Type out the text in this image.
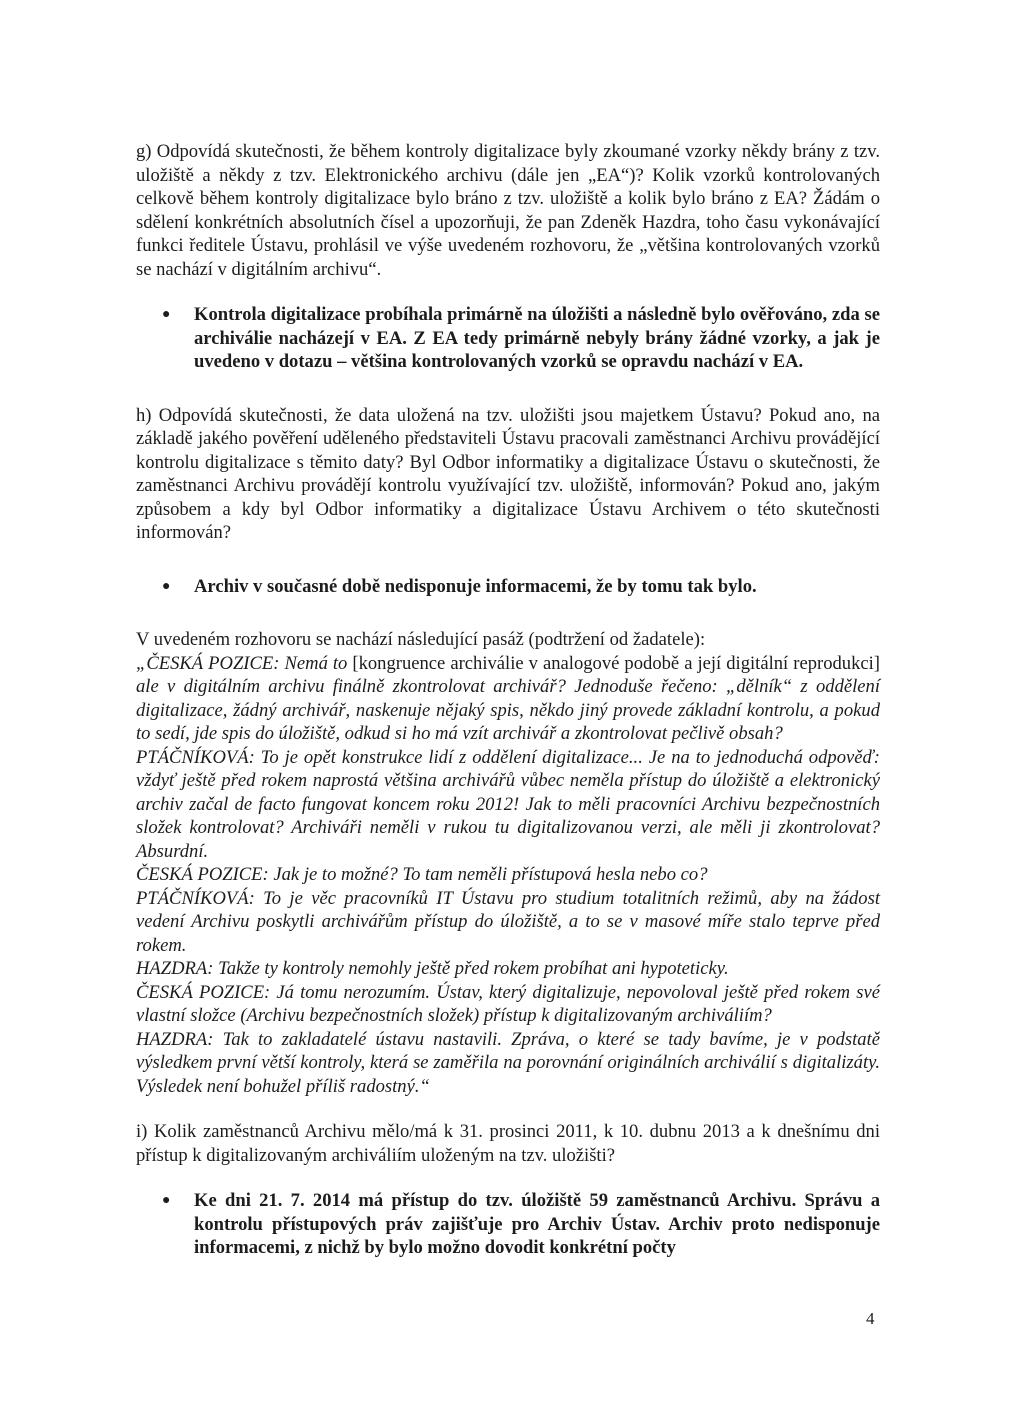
g) Odpovídá skutečnosti, že během kontroly digitalizace byly zkoumané vzorky někdy brány z tzv. uložiště a někdy z tzv. Elektronického archivu (dále jen „EA“)? Kolik vzorků kontrolovaných celkově během kontroly digitalizace bylo bráno z tzv. uložiště a kolik bylo bráno z EA? Žádám o sdělení konkrétních absolutních čísel a upozorňuji, že pan Zdeněk Hazdra, toho času vykonávající funkci ředitele Ústavu, prohlásil ve výše uvedeném rozhovoru, že „většina kontrolovaných vzorků se nachází v digitálním archivu“.

●	Kontrola digitalizace probíhala primárně na úložišti a následně bylo ověřováno, zda se archiválie nacházejí v EA. Z EA tedy primárně nebyly brány žádné vzorky, a jak je uvedeno v dotazu – většina kontrolovaných vzorků se opravdu nachází v EA.

h) Odpovídá skutečnosti, že data uložená na tzv. uložišti jsou majetkem Ústavu? Pokud ano, na základě jakého pověření uděleného představiteli Ústavu pracovali zaměstnanci Archivu provádějící kontrolu digitalizace s těmito daty? Byl Odbor informatiky a digitalizace Ústavu o skutečnosti, že zaměstnanci Archivu provádějí kontrolu využívající tzv. uložiště, informován? Pokud ano, jakým způsobem a kdy byl Odbor informatiky a digitalizace Ústavu Archivem o této skutečnosti informován?

●	Archiv v současné době nedisponuje informacemi, že by tomu tak bylo.

V uvedeném rozhovoru se nachází následující pasáž (podtržení od žadatele):

„ČESKÁ POZICE: Nemá to [kongruence archiválie v analogové podobě a její digitální reprodukci] ale v digitálním archivu finálně zkontrolovat archivář? Jednoduše řečeno: „dělník“ z oddělení digitalizace, žádný archivář, naskenuje nějaký spis, někdo jiný provede základní kontrolu, a pokud to sedí, jde spis do úložiště, odkud si ho má vzít archivář a zkontrolovat pečlivě obsah?

PTÁČNÍKOVÁ: To je opět konstrukce lidí z oddělení digitalizace... Je na to jednoduchá odpověď: vždyť ještě před rokem naprostá většina archivářů vůbec neměla přístup do úložiště a elektronický archiv začal de facto fungovat koncem roku 2012! Jak to měli pracovníci Archivu bezpečnostních složek kontrolovat? Archiváři neměli v rukou tu digitalizovanou verzi, ale měli ji zkontrolovat? Absurdní.

ČESKÁ POZICE: Jak je to možné? To tam neměli přístupová hesla nebo co?

PTÁČNÍKOVÁ: To je věc pracovníků IT Ústavu pro studium totalitních režimů, aby na žádost vedení Archivu poskytli archivářům přístup do úložiště, a to se v masové míře stalo teprve před rokem.

HAZDRA: Takže ty kontroly nemohly ještě před rokem probíhat ani hypoteticky.

ČESKÁ POZICE: Já tomu nerozumím. Ústav, který digitalizuje, nepovoloval ještě před rokem své vlastní složce (Archivu bezpečnostních složek) přístup k digitalizovaným archiváliím?

HAZDRA: Tak to zakladatelé ústavu nastavili. Zpráva, o které se tady bavíme, je v podstatě výsledkem první větší kontroly, která se zaměřila na porovnání originálních archiválií s digitalizáty. Výsledek není bohužel příliš radostný.“

i) Kolik zaměstnanců Archivu mělo/má k 31. prosinci 2011, k 10. dubnu 2013 a k dnešnímu dni přístup k digitalizovaným archiváliím uloženým na tzv. uložišti?

●	Ke dni 21. 7. 2014 má přístup do tzv. úložiště 59 zaměstnanců Archivu. Správu a kontrolu přístupových práv zajišťuje pro Archiv Ústav. Archiv proto nedisponuje informacemi, z nichž by bylo možno dovodit konkrétní počty
4
